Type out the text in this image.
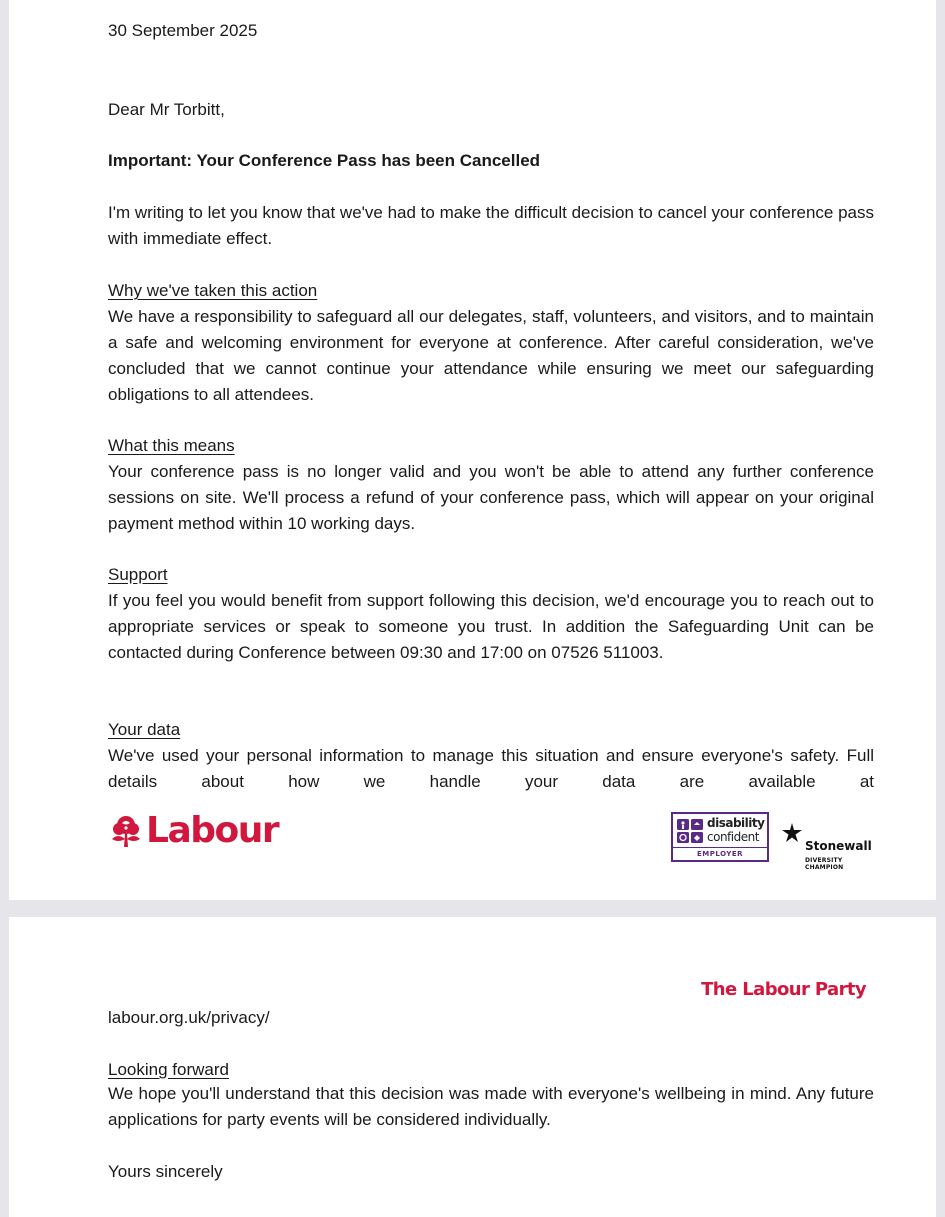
30 September 2025

Dear Mr Torbitt,

Important: Your Conference Pass has been Cancelled

I'm writing to let you know that we've had to make the difficult decision to cancel your conference pass with immediate effect.

Why we've taken this action

We have a responsibility to safeguard all our delegates, staff, volunteers, and visitors, and to maintain a safe and welcoming environment for everyone at conference. After careful consideration, we've concluded that we cannot continue your attendance while ensuring we meet our safeguarding obligations to all attendees.

What this means

Your conference pass is no longer valid and you won't be able to attend any further conference sessions on site. We'll process a refund of your conference pass, which will appear on your original payment method within 10 working days.

Support

If you feel you would benefit from support following this decision, we'd encourage you to reach out to appropriate services or speak to someone you trust. In addition the Safeguarding Unit can be contacted during Conference between 09:30 and 17:00 on 07526 511003.

Your data

We've used your personal information to manage this situation and ensure everyone's safety. Full details about how we handle your data are available at

Labour	disability
confident
EMPLOYER
Stonewall
DIVERSITY CHAMPION
The Labour Party

labour.org.uk/privacy/

Looking forward

We hope you'll understand that this decision was made with everyone's wellbeing in mind. Any future applications for party events will be considered individually.

Yours sincerely
